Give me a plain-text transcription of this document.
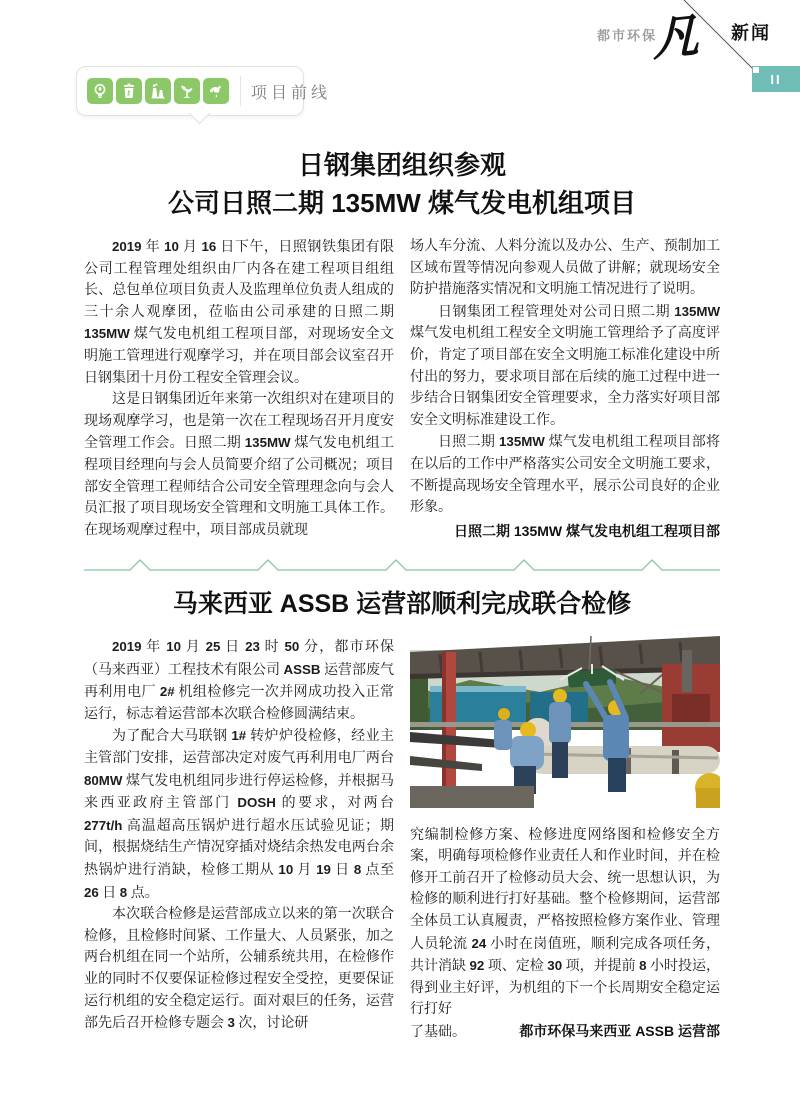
都市环保
凡 新闻
II
项目前线
日钢集团组织参观
公司日照二期 135MW 煤气发电机组项目

2019 年 10 月 16 日下午，日照钢铁集团有限公司工程管理处组织由厂内各在建工程项目组组长、总包单位项目负责人及监理单位负责人组成的三十余人观摩团，莅临由公司承建的日照二期 135MW 煤气发电机组工程项目部，对现场安全文明施工管理进行观摩学习，并在项目部会议室召开日钢集团十月份工程安全管理会议。

这是日钢集团近年来第一次组织对在建项目的现场观摩学习，也是第一次在工程现场召开月度安全管理工作会。日照二期 135MW 煤气发电机组工程项目经理向与会人员简要介绍了公司概况；项目部安全管理工程师结合公司安全管理理念向与会人员汇报了项目现场安全管理和文明施工具体工作。在现场观摩过程中，项目部成员就现

场人车分流、人料分流以及办公、生产、预制加工区域布置等情况向参观人员做了讲解；就现场安全防护措施落实情况和文明施工情况进行了说明。

日钢集团工程管理处对公司日照二期 135MW 煤气发电机组工程安全文明施工管理给予了高度评价，肯定了项目部在安全文明施工标准化建设中所付出的努力，要求项目部在后续的施工过程中进一步结合日钢集团安全管理要求，全力落实好项目部安全文明标准建设工作。

日照二期 135MW 煤气发电机组工程项目部将在以后的工作中严格落实公司安全文明施工要求，不断提高现场安全管理水平，展示公司良好的企业形象。

日照二期 135MW 煤气发电机组工程项目部
马来西亚 ASSB 运营部顺利完成联合检修

2019 年 10 月 25 日 23 时 50 分，都市环保（马来西亚）工程技术有限公司 ASSB 运营部废气再利用电厂 2# 机组检修完一次并网成功投入正常运行，标志着运营部本次联合检修圆满结束。

为了配合大马联钢 1# 转炉炉役检修，经业主主管部门安排，运营部决定对废气再利用电厂两台 80MW 煤气发电机组同步进行停运检修，并根据马来西亚政府主管部门 DOSH 的要求，对两台 277t/h 高温超高压锅炉进行超水压试验见证；期间，根据烧结生产情况穿插对烧结余热发电两台余热锅炉进行消缺，检修工期从 10 月 19 日 8 点至 26 日 8 点。

本次联合检修是运营部成立以来的第一次联合检修，且检修时间紧、工作量大、人员紧张，加之两台机组在同一个站所，公辅系统共用，在检修作业的同时不仅要保证检修过程安全受控，更要保证运行机组的安全稳定运行。面对艰巨的任务，运营部先后召开检修专题会 3 次，讨论研

究编制检修方案、检修进度网络图和检修安全方案，明确每项检修作业责任人和作业时间，并在检修开工前召开了检修动员大会、统一思想认识，为检修的顺利进行打好基础。整个检修期间，运营部全体员工认真履责，严格按照检修方案作业、管理人员轮流 24 小时在岗值班，顺利完成各项任务，共计消缺 92 项、定检 30 项，并提前 8 小时投运，得到业主好评，为机组的下一个长周期安全稳定运行打好

了基础。	都市环保马来西亚 ASSB 运营部
